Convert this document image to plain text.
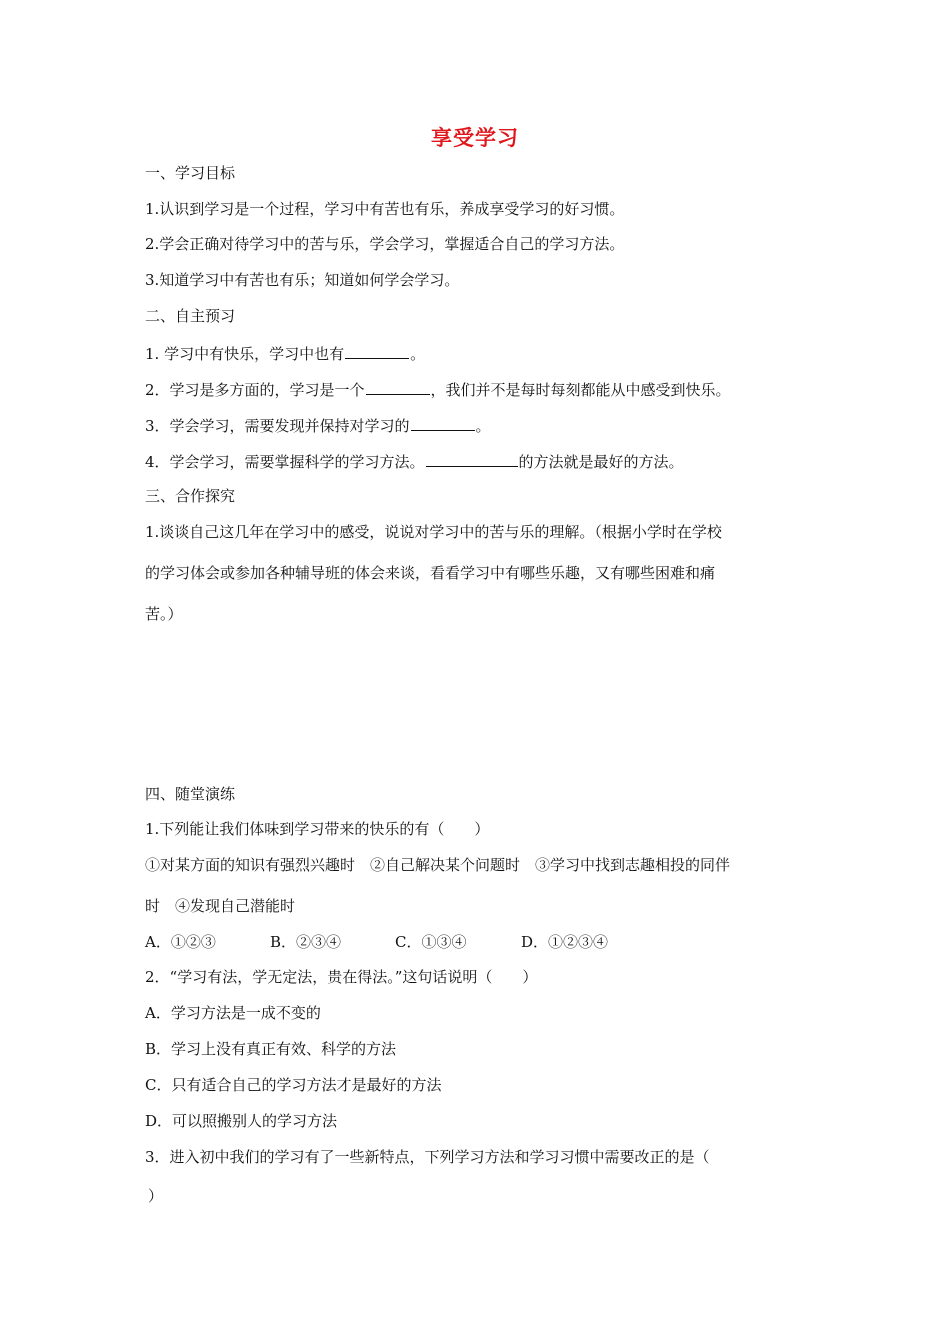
享受学习
一、学习目标
1.认识到学习是一个过程，学习中有苦也有乐，养成享受学习的好习惯。
2.学会正确对待学习中的苦与乐，学会学习，掌握适合自己的学习方法。
3.知道学习中有苦也有乐；知道如何学会学习。
二、自主预习
1. 学习中有快乐，学习中也有	。
2．学习是多方面的，学习是一个	，我们并不是每时每刻都能从中感受到快乐。
3．学会学习，需要发现并保持对学习的	。
4．学会学习，需要掌握科学的学习方法。	的方法就是最好的方法。
三、合作探究
1.谈谈自己这几年在学习中的感受，说说对学习中的苦与乐的理解。（根据小学时在学校
的学习体会或参加各种辅导班的体会来谈，看看学习中有哪些乐趣，又有哪些困难和痛
苦。）
四、随堂演练
1.下列能让我们体味到学习带来的快乐的有（　　）
①对某方面的知识有强烈兴趣时　②自己解决某个问题时　③学习中找到志趣相投的同伴
时　④发现自己潜能时
A．①②③	B．②③④	C．①③④	D．①②③④
2．“学习有法，学无定法，贵在得法。”这句话说明（　　）
A．学习方法是一成不变的
B．学习上没有真正有效、科学的方法
C．只有适合自己的学习方法才是最好的方法
D．可以照搬别人的学习方法
3．进入初中我们的学习有了一些新特点，下列学习方法和学习习惯中需要改正的是（
）
